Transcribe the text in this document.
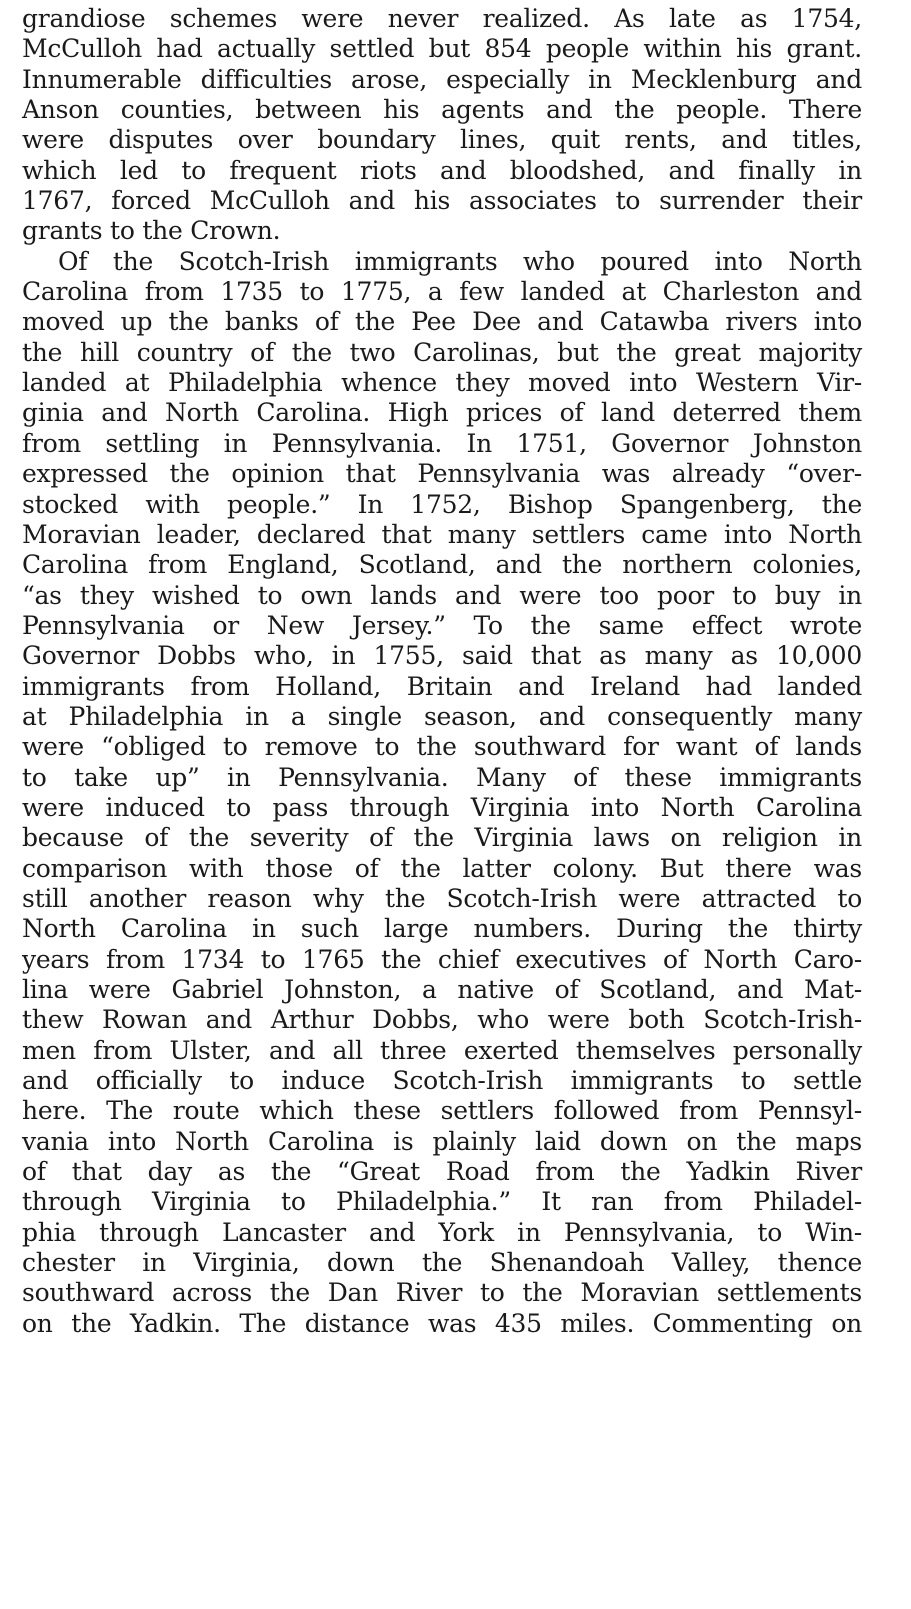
grandiose schemes were never realized. As late as 1754,
McCulloh had actually settled but 854 people within his grant.
Innumerable difficulties arose, especially in Mecklenburg and
Anson counties, between his agents and the people. There
were disputes over boundary lines, quit rents, and titles,
which led to frequent riots and bloodshed, and finally in
1767, forced McCulloh and his associates to surrender their
grants to the Crown.
Of the Scotch-Irish immigrants who poured into North
Carolina from 1735 to 1775, a few landed at Charleston and
moved up the banks of the Pee Dee and Catawba rivers into
the hill country of the two Carolinas, but the great majority
landed at Philadelphia whence they moved into Western Vir-
ginia and North Carolina. High prices of land deterred them
from settling in Pennsylvania. In 1751, Governor Johnston
expressed the opinion that Pennsylvania was already “over-
stocked with people.” In 1752, Bishop Spangenberg, the
Moravian leader, declared that many settlers came into North
Carolina from England, Scotland, and the northern colonies,
“as they wished to own lands and were too poor to buy in
Pennsylvania or New Jersey.” To the same effect wrote
Governor Dobbs who, in 1755, said that as many as 10,000
immigrants from Holland, Britain and Ireland had landed
at Philadelphia in a single season, and consequently many
were “obliged to remove to the southward for want of lands
to take up” in Pennsylvania. Many of these immigrants
were induced to pass through Virginia into North Carolina
because of the severity of the Virginia laws on religion in
comparison with those of the latter colony. But there was
still another reason why the Scotch-Irish were attracted to
North Carolina in such large numbers. During the thirty
years from 1734 to 1765 the chief executives of North Caro-
lina were Gabriel Johnston, a native of Scotland, and Mat-
thew Rowan and Arthur Dobbs, who were both Scotch-Irish-
men from Ulster, and all three exerted themselves personally
and officially to induce Scotch-Irish immigrants to settle
here. The route which these settlers followed from Pennsyl-
vania into North Carolina is plainly laid down on the maps
of that day as the “Great Road from the Yadkin River
through Virginia to Philadelphia.” It ran from Philadel-
phia through Lancaster and York in Pennsylvania, to Win-
chester in Virginia, down the Shenandoah Valley, thence
southward across the Dan River to the Moravian settlements
on the Yadkin. The distance was 435 miles. Commenting on
